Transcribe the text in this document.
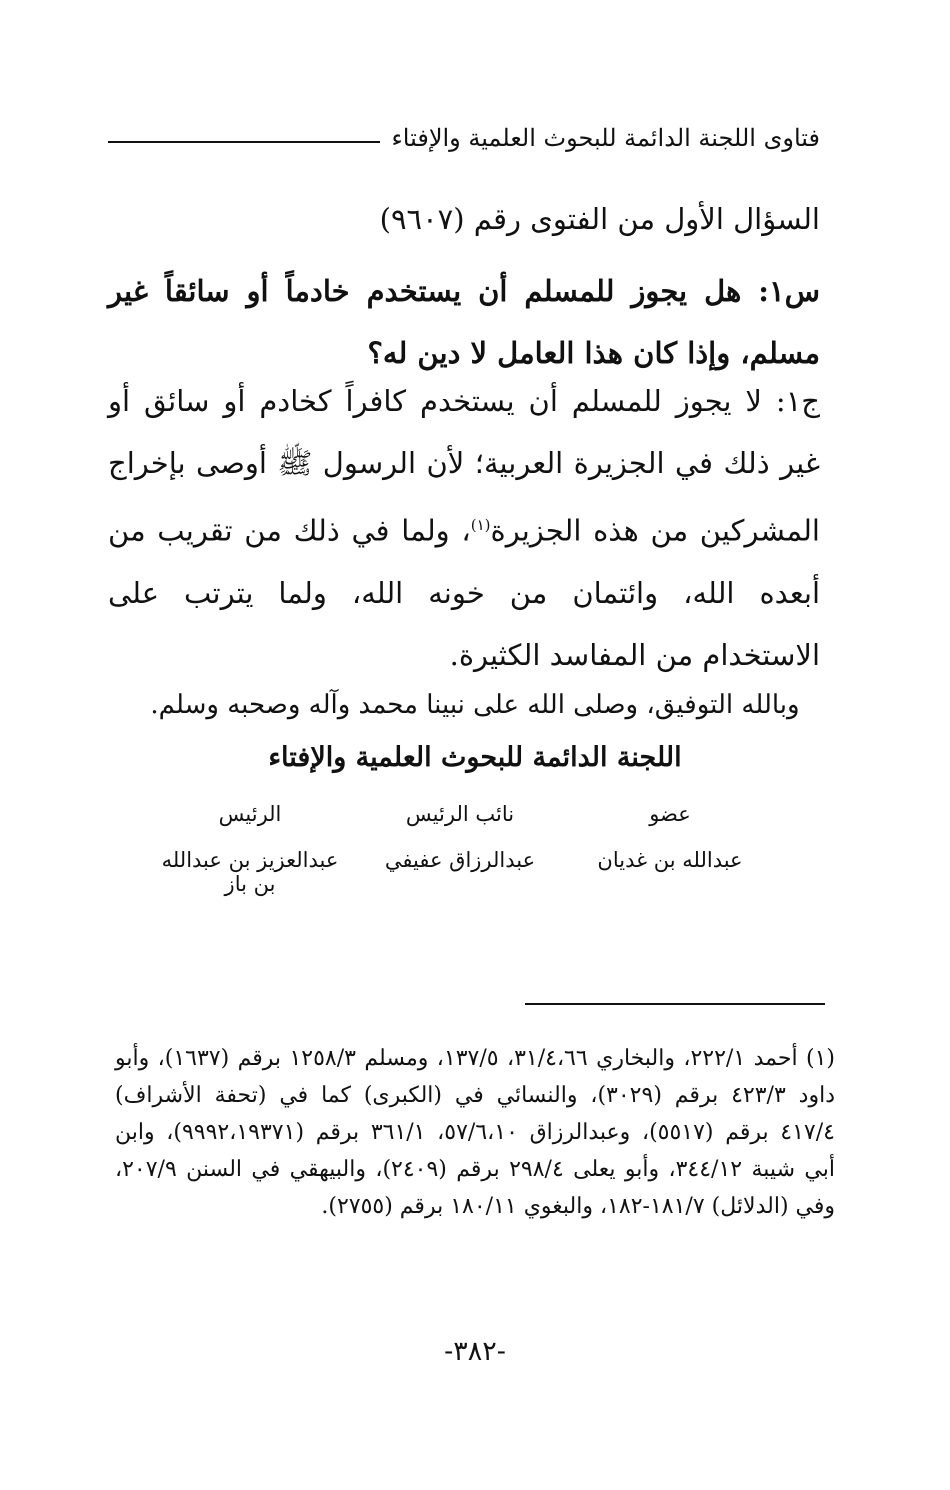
فتاوى اللجنة الدائمة للبحوث العلمية والإفتاء
السؤال الأول من الفتوى رقم (٩٦٠٧)
س١: هل يجوز للمسلم أن يستخدم خادماً أو سائقاً غير مسلم، وإذا كان هذا العامل لا دين له؟
ج١: لا يجوز للمسلم أن يستخدم كافراً كخادم أو سائق أو غير ذلك في الجزيرة العربية؛ لأن الرسول ﷺ أوصى بإخراج المشركين من هذه الجزيرة$^{(١)}$، ولما في ذلك من تقريب من أبعده الله، وائتمان من خونه الله، ولما يترتب على الاستخدام من المفاسد الكثيرة.
وبالله التوفيق، وصلى الله على نبينا محمد وآله وصحبه وسلم.
اللجنة الدائمة للبحوث العلمية والإفتاء
عضو
نائب الرئيس
الرئيس
عبدالله بن غديان
عبدالرزاق عفيفي
عبدالعزيز بن عبدالله بن باز
(١) أحمد ٢٢٢/١، والبخاري ٣١/٤،٦٦، ١٣٧/٥، ومسلم ١٢٥٨/٣ برقم (١٦٣٧)، وأبو داود ٤٢٣/٣ برقم (٣٠٢٩)، والنسائي في (الكبرى) كما في (تحفة الأشراف) ٤١٧/٤ برقم (٥٥١٧)، وعبدالرزاق ٥٧/٦،١٠، ٣٦١/١ برقم (٩٩٩٢،١٩٣٧١)، وابن أبي شيبة ٣٤٤/١٢، وأبو يعلى ٢٩٨/٤ برقم (٢٤٠٩)، والبيهقي في السنن ٢٠٧/٩، وفي (الدلائل) ١٨١/٧-١٨٢، والبغوي ١٨٠/١١ برقم (٢٧٥٥).
-٣٨٢-
